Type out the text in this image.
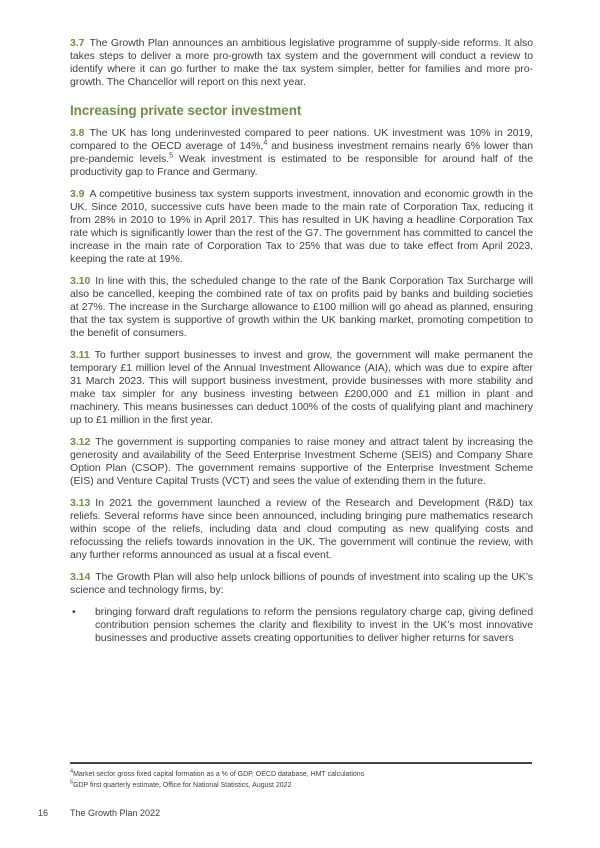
3.7 The Growth Plan announces an ambitious legislative programme of supply-side reforms. It also takes steps to deliver a more pro-growth tax system and the government will conduct a review to identify where it can go further to make the tax system simpler, better for families and more pro-growth. The Chancellor will report on this next year.

Increasing private sector investment

3.8 The UK has long underinvested compared to peer nations. UK investment was 10% in 2019, compared to the OECD average of 14%,$^4$ and business investment remains nearly 6% lower than pre-pandemic levels.$^5$ Weak investment is estimated to be responsible for around half of the productivity gap to France and Germany.

3.9 A competitive business tax system supports investment, innovation and economic growth in the UK. Since 2010, successive cuts have been made to the main rate of Corporation Tax, reducing it from 28% in 2010 to 19% in April 2017. This has resulted in UK having a headline Corporation Tax rate which is significantly lower than the rest of the G7. The government has committed to cancel the increase in the main rate of Corporation Tax to 25% that was due to take effect from April 2023, keeping the rate at 19%.

3.10 In line with this, the scheduled change to the rate of the Bank Corporation Tax Surcharge will also be cancelled, keeping the combined rate of tax on profits paid by banks and building societies at 27%. The increase in the Surcharge allowance to £100 million will go ahead as planned, ensuring that the tax system is supportive of growth within the UK banking market, promoting competition to the benefit of consumers.

3.11 To further support businesses to invest and grow, the government will make permanent the temporary £1 million level of the Annual Investment Allowance (AIA), which was due to expire after 31 March 2023. This will support business investment, provide businesses with more stability and make tax simpler for any business investing between £200,000 and £1 million in plant and machinery. This means businesses can deduct 100% of the costs of qualifying plant and machinery up to £1 million in the first year.

3.12 The government is supporting companies to raise money and attract talent by increasing the generosity and availability of the Seed Enterprise Investment Scheme (SEIS) and Company Share Option Plan (CSOP). The government remains supportive of the Enterprise Investment Scheme (EIS) and Venture Capital Trusts (VCT) and sees the value of extending them in the future.

3.13 In 2021 the government launched a review of the Research and Development (R&D) tax reliefs. Several reforms have since been announced, including bringing pure mathematics research within scope of the reliefs, including data and cloud computing as new qualifying costs and refocussing the reliefs towards innovation in the UK. The government will continue the review, with any further reforms announced as usual at a fiscal event.

3.14 The Growth Plan will also help unlock billions of pounds of investment into scaling up the UK’s science and technology firms, by:

•	bringing forward draft regulations to reform the pensions regulatory charge cap, giving defined contribution pension schemes the clarity and flexibility to invest in the UK’s most innovative businesses and productive assets creating opportunities to deliver higher returns for savers

$^4$Market sector gross fixed capital formation as a % of GDP, OECD database, HMT calculations

$^5$GDP first quarterly estimate, Office for National Statistics, August 2022

16 The Growth Plan 2022
